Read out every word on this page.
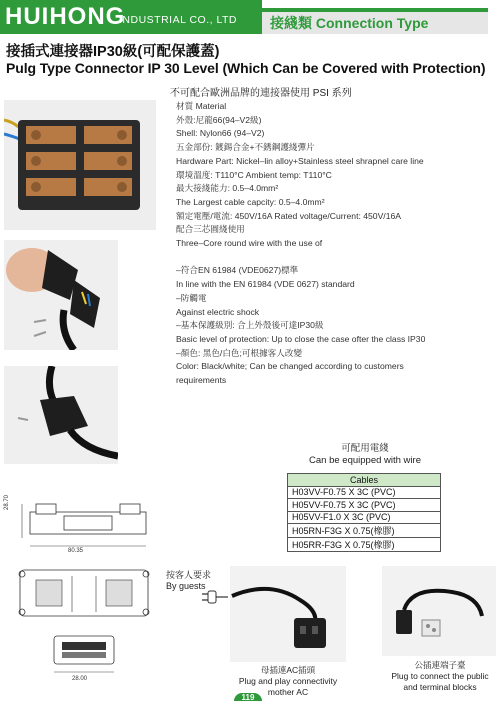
HUIHONG
INDUSTRIAL CO., LTD	接綫類 Connection Type
接插式連接器IP30級(可配保護蓋)
Pulg Type Connector IP 30 Level (Which Can be Covered with Protection)
不可配合歐洲品牌的連接器使用 PSI 系列
材質 Material
外殼:尼龍66(94–V2級)
Shell: Nylon66 (94–V2)
五金部份: 鍍錫合金+不銹鋼護綫彈片
Hardware Part: Nickel–lin alloy+Stainless steel shrapnel care line
環境溫度: T110°C Ambient temp: T110°C
最大接綫能力: 0.5–4.0mm²
The Largest cable capcity: 0.5–4.0mm²
額定電壓/電流: 450V/16A Rated voltage/Current: 450V/16A
配合三芯圓綫使用
Three–Core round wire with the use of
–符合EN 61984 (VDE0627)標準
In line with the EN 61984 (VDE 0627) standard
–防觸電
Against electric shock
–基本保護級別: 合上外殼後可達IP30級
Basic level of protection: Up to close the case ofter the class IP30
–顏色: 黑色/白色;可根據客人改變
Color: Black/white; Can be changed according to customers
requirements
可配用電綫
Can be equipped with wire
Cables
H03VV-F0.75 X 3C (PVC)
H05VV-F0.75 X 3C (PVC)
H05VV-F1.0 X 3C (PVC)
H05RN-F3G X 0.75(橡膠)
H05RR-F3G X 0.75(橡膠)
28.70
80.35
28.00
按客人要求
By guests
母插連AC插頭
Plug and play connectivity
mother AC
公插連端子臺
Plug to connect the public
and terminal blocks
119
